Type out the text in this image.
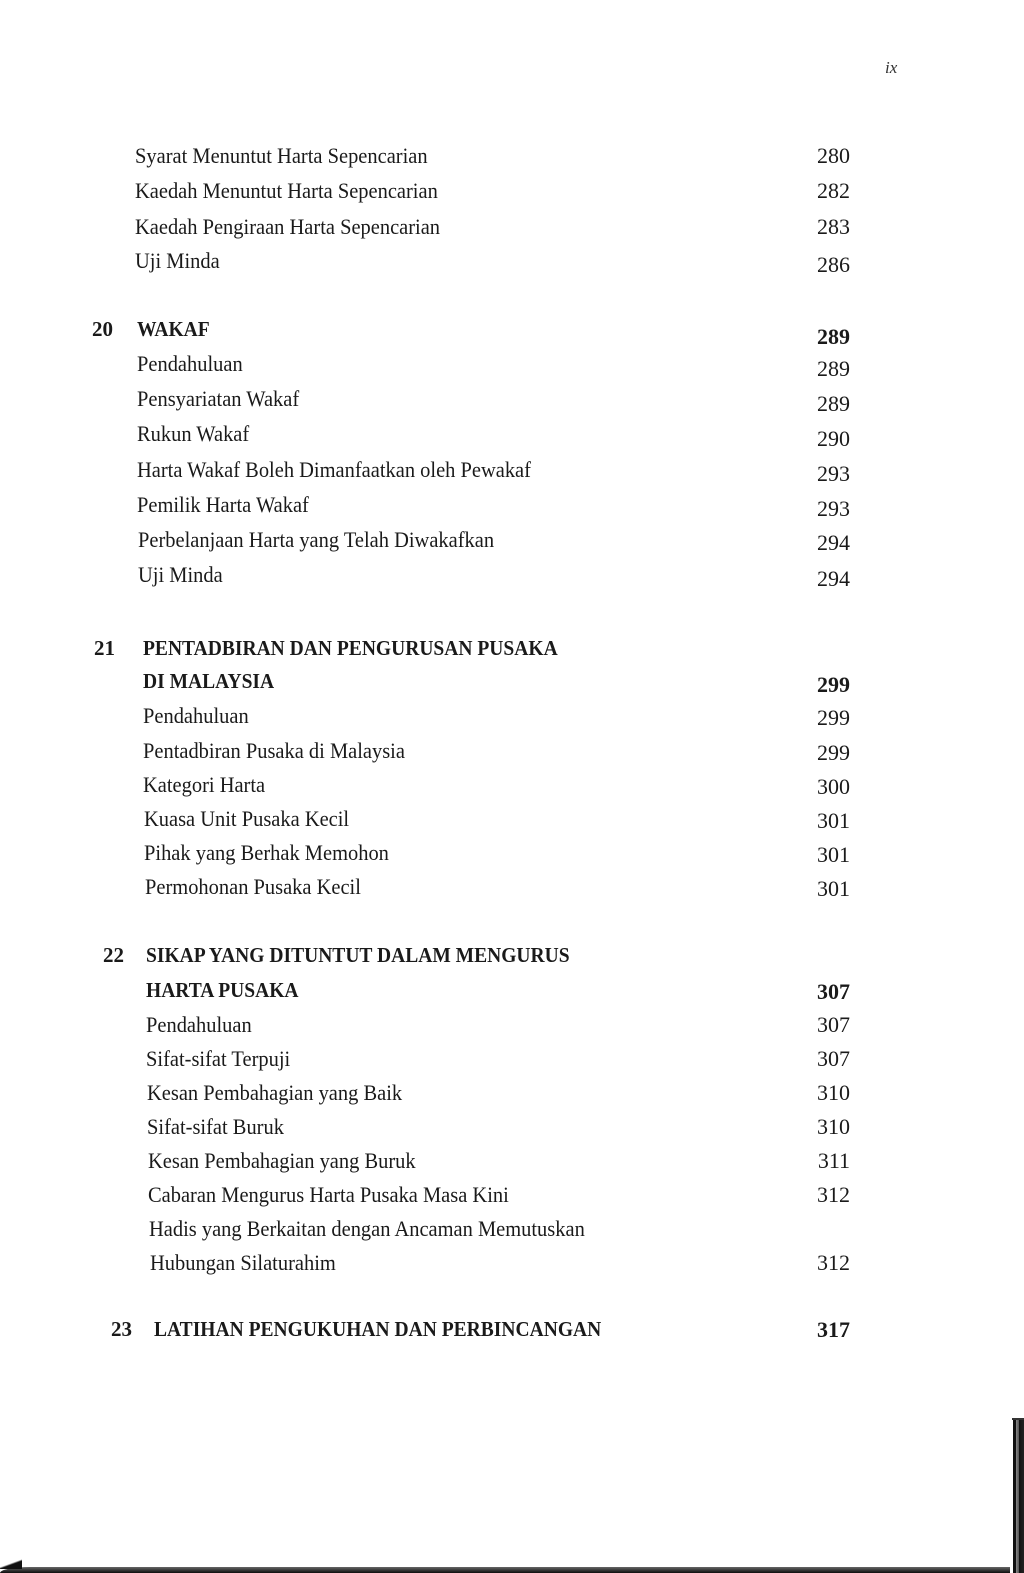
ix
Syarat Menuntut Harta Sepencarian	280
Kaedah Menuntut Harta Sepencarian	282
Kaedah Pengiraan Harta Sepencarian	283
Uji Minda	286
20 WAKAF	289
Pendahuluan	289
Pensyariatan Wakaf	289
Rukun Wakaf	290
Harta Wakaf Boleh Dimanfaatkan oleh Pewakaf	293
Pemilik Harta Wakaf	293
Perbelanjaan Harta yang Telah Diwakafkan	294
Uji Minda	294
21 PENTADBIRAN DAN PENGURUSAN PUSAKA
DI MALAYSIA	299
Pendahuluan	299
Pentadbiran Pusaka di Malaysia	299
Kategori Harta	300
Kuasa Unit Pusaka Kecil	301
Pihak yang Berhak Memohon	301
Permohonan Pusaka Kecil	301
22 SIKAP YANG DITUNTUT DALAM MENGURUS
HARTA PUSAKA	307
Pendahuluan	307
Sifat-sifat Terpuji	307
Kesan Pembahagian yang Baik	310
Sifat-sifat Buruk	310
Kesan Pembahagian yang Buruk	311
Cabaran Mengurus Harta Pusaka Masa Kini	312
Hadis yang Berkaitan dengan Ancaman Memutuskan
Hubungan Silaturahim	312
23 LATIHAN PENGUKUHAN DAN PERBINCANGAN	317
